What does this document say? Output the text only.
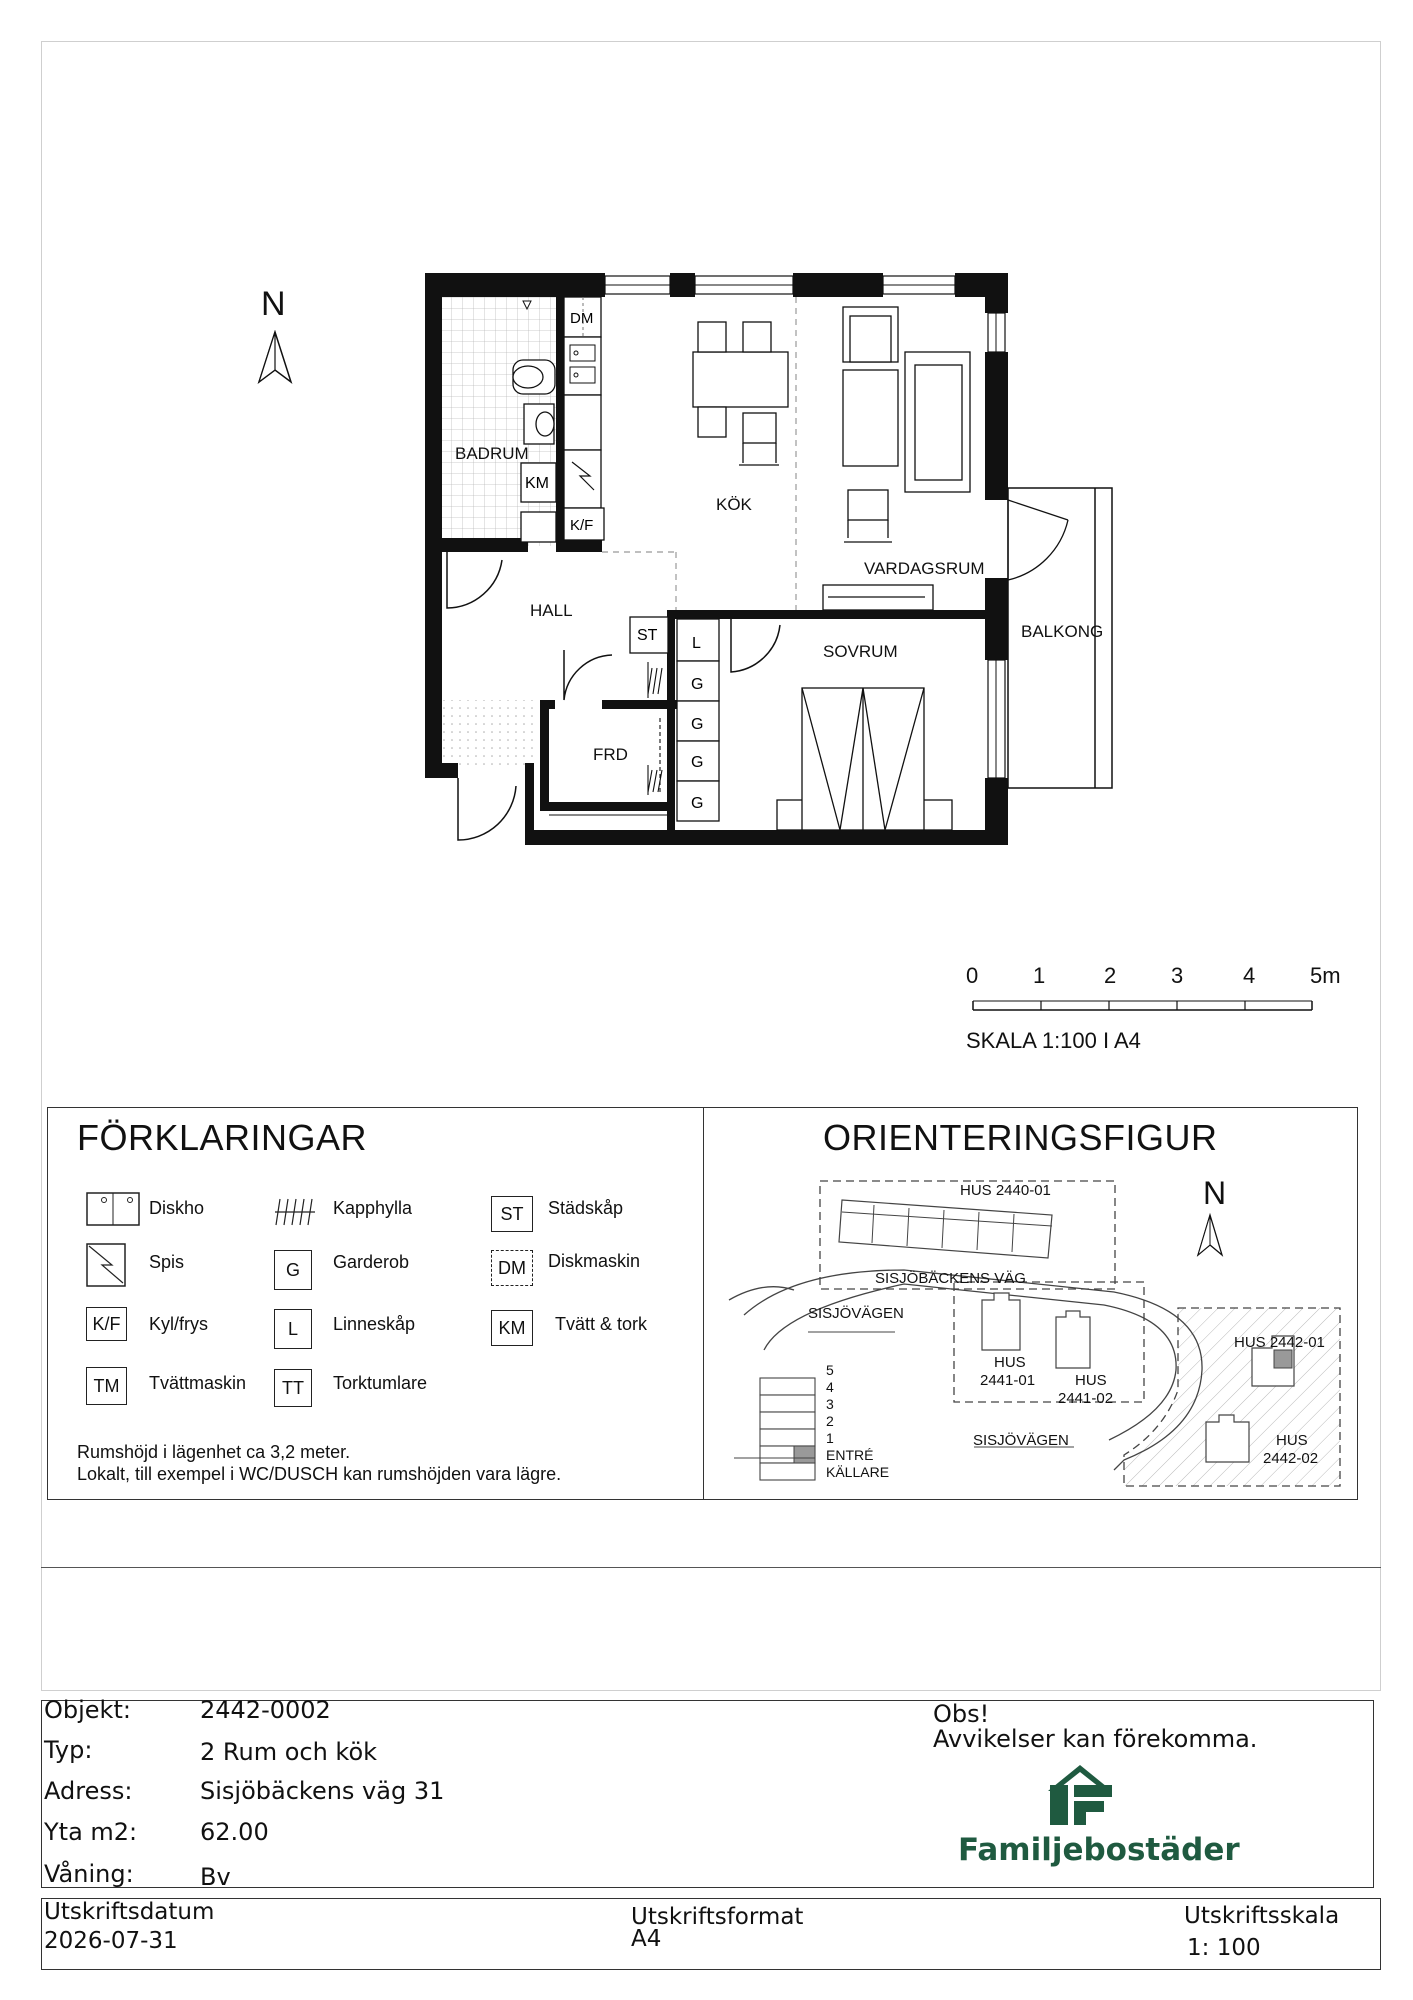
KM
DM
K/F
L
G
G
G
G
ST
BADRUM
KÖK
VARDAGSRUM
HALL
SOVRUM
BALKONG
FRD
N
0 1	2 3	4 5m
SKALA 1:100 I A4
FÖRKLARINGAR
Diskho
Spis
K/F	Kyl/frys
TM	Tvättmaskin
Kapphylla
G	Garderob
L	Linneskåp
TT	Torktumlare
ST	Städskåp
DM	Diskmaskin
KM	Tvätt & tork
Rumshöjd i lägenhet ca 3,2 meter.
Lokalt, till exempel i WC/DUSCH kan rumshöjden vara lägre.
ORIENTERINGSFIGUR
N
HUS 2440-01
SISJÖBÄCKENS VÄG
SISJÖVÄGEN
HUS
2441-01	HUS
2441-02
HUS 2442-01
SISJÖVÄGEN	HUS
2442-02
5
4
3
2
1
ENTRÉ
KÄLLARE
Objekt:	2442-0002
Typ:	2 Rum och kök
Adress:	Sisjöbäckens väg 31
Yta m2:	62.00
Våning:	Bv
Obs!
Avvikelser kan förekomma.
Familjebostäder
Utskriftsdatum
2026-07-31
Utskriftsformat
A4
Utskriftsskala
1: 100
